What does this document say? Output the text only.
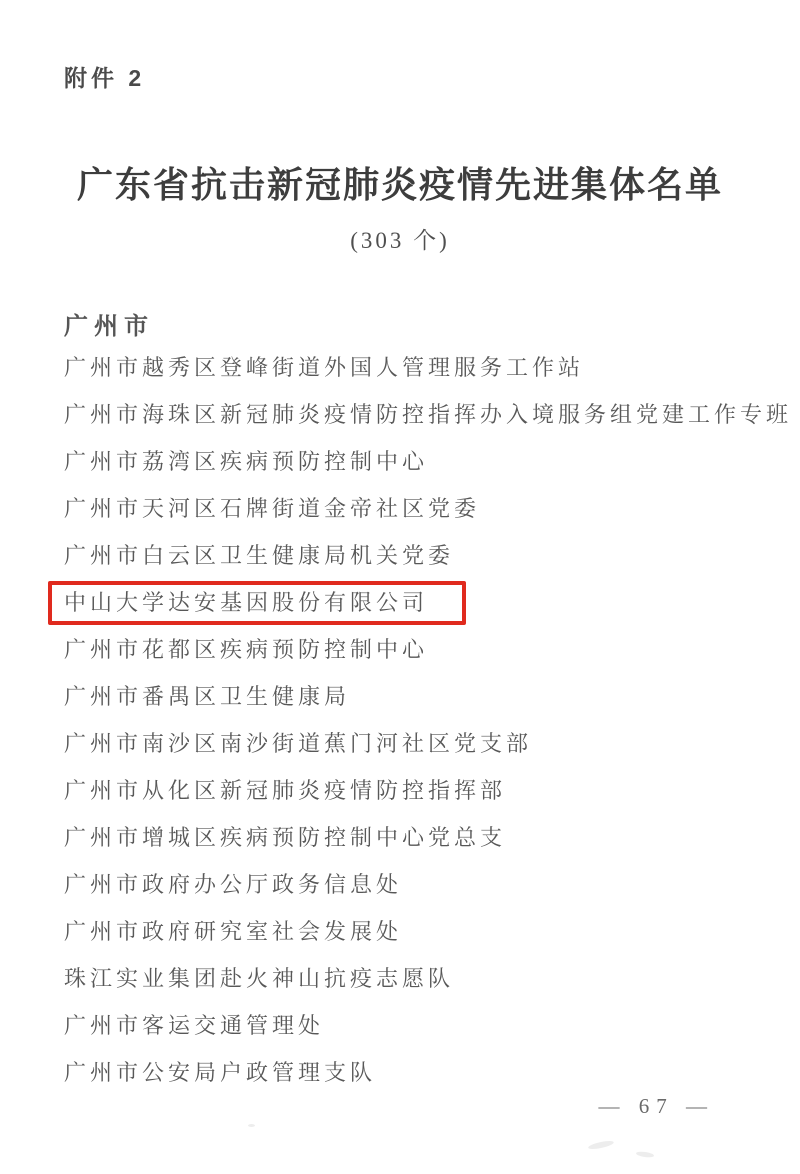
附件 2
广东省抗击新冠肺炎疫情先进集体名单
(303 个)
广州市
广州市越秀区登峰街道外国人管理服务工作站
广州市海珠区新冠肺炎疫情防控指挥办入境服务组党建工作专班
广州市荔湾区疾病预防控制中心
广州市天河区石牌街道金帝社区党委
广州市白云区卫生健康局机关党委
中山大学达安基因股份有限公司
广州市花都区疾病预防控制中心
广州市番禺区卫生健康局
广州市南沙区南沙街道蕉门河社区党支部
广州市从化区新冠肺炎疫情防控指挥部
广州市增城区疾病预防控制中心党总支
广州市政府办公厅政务信息处
广州市政府研究室社会发展处
珠江实业集团赴火神山抗疫志愿队
广州市客运交通管理处
广州市公安局户政管理支队
— 67 —
